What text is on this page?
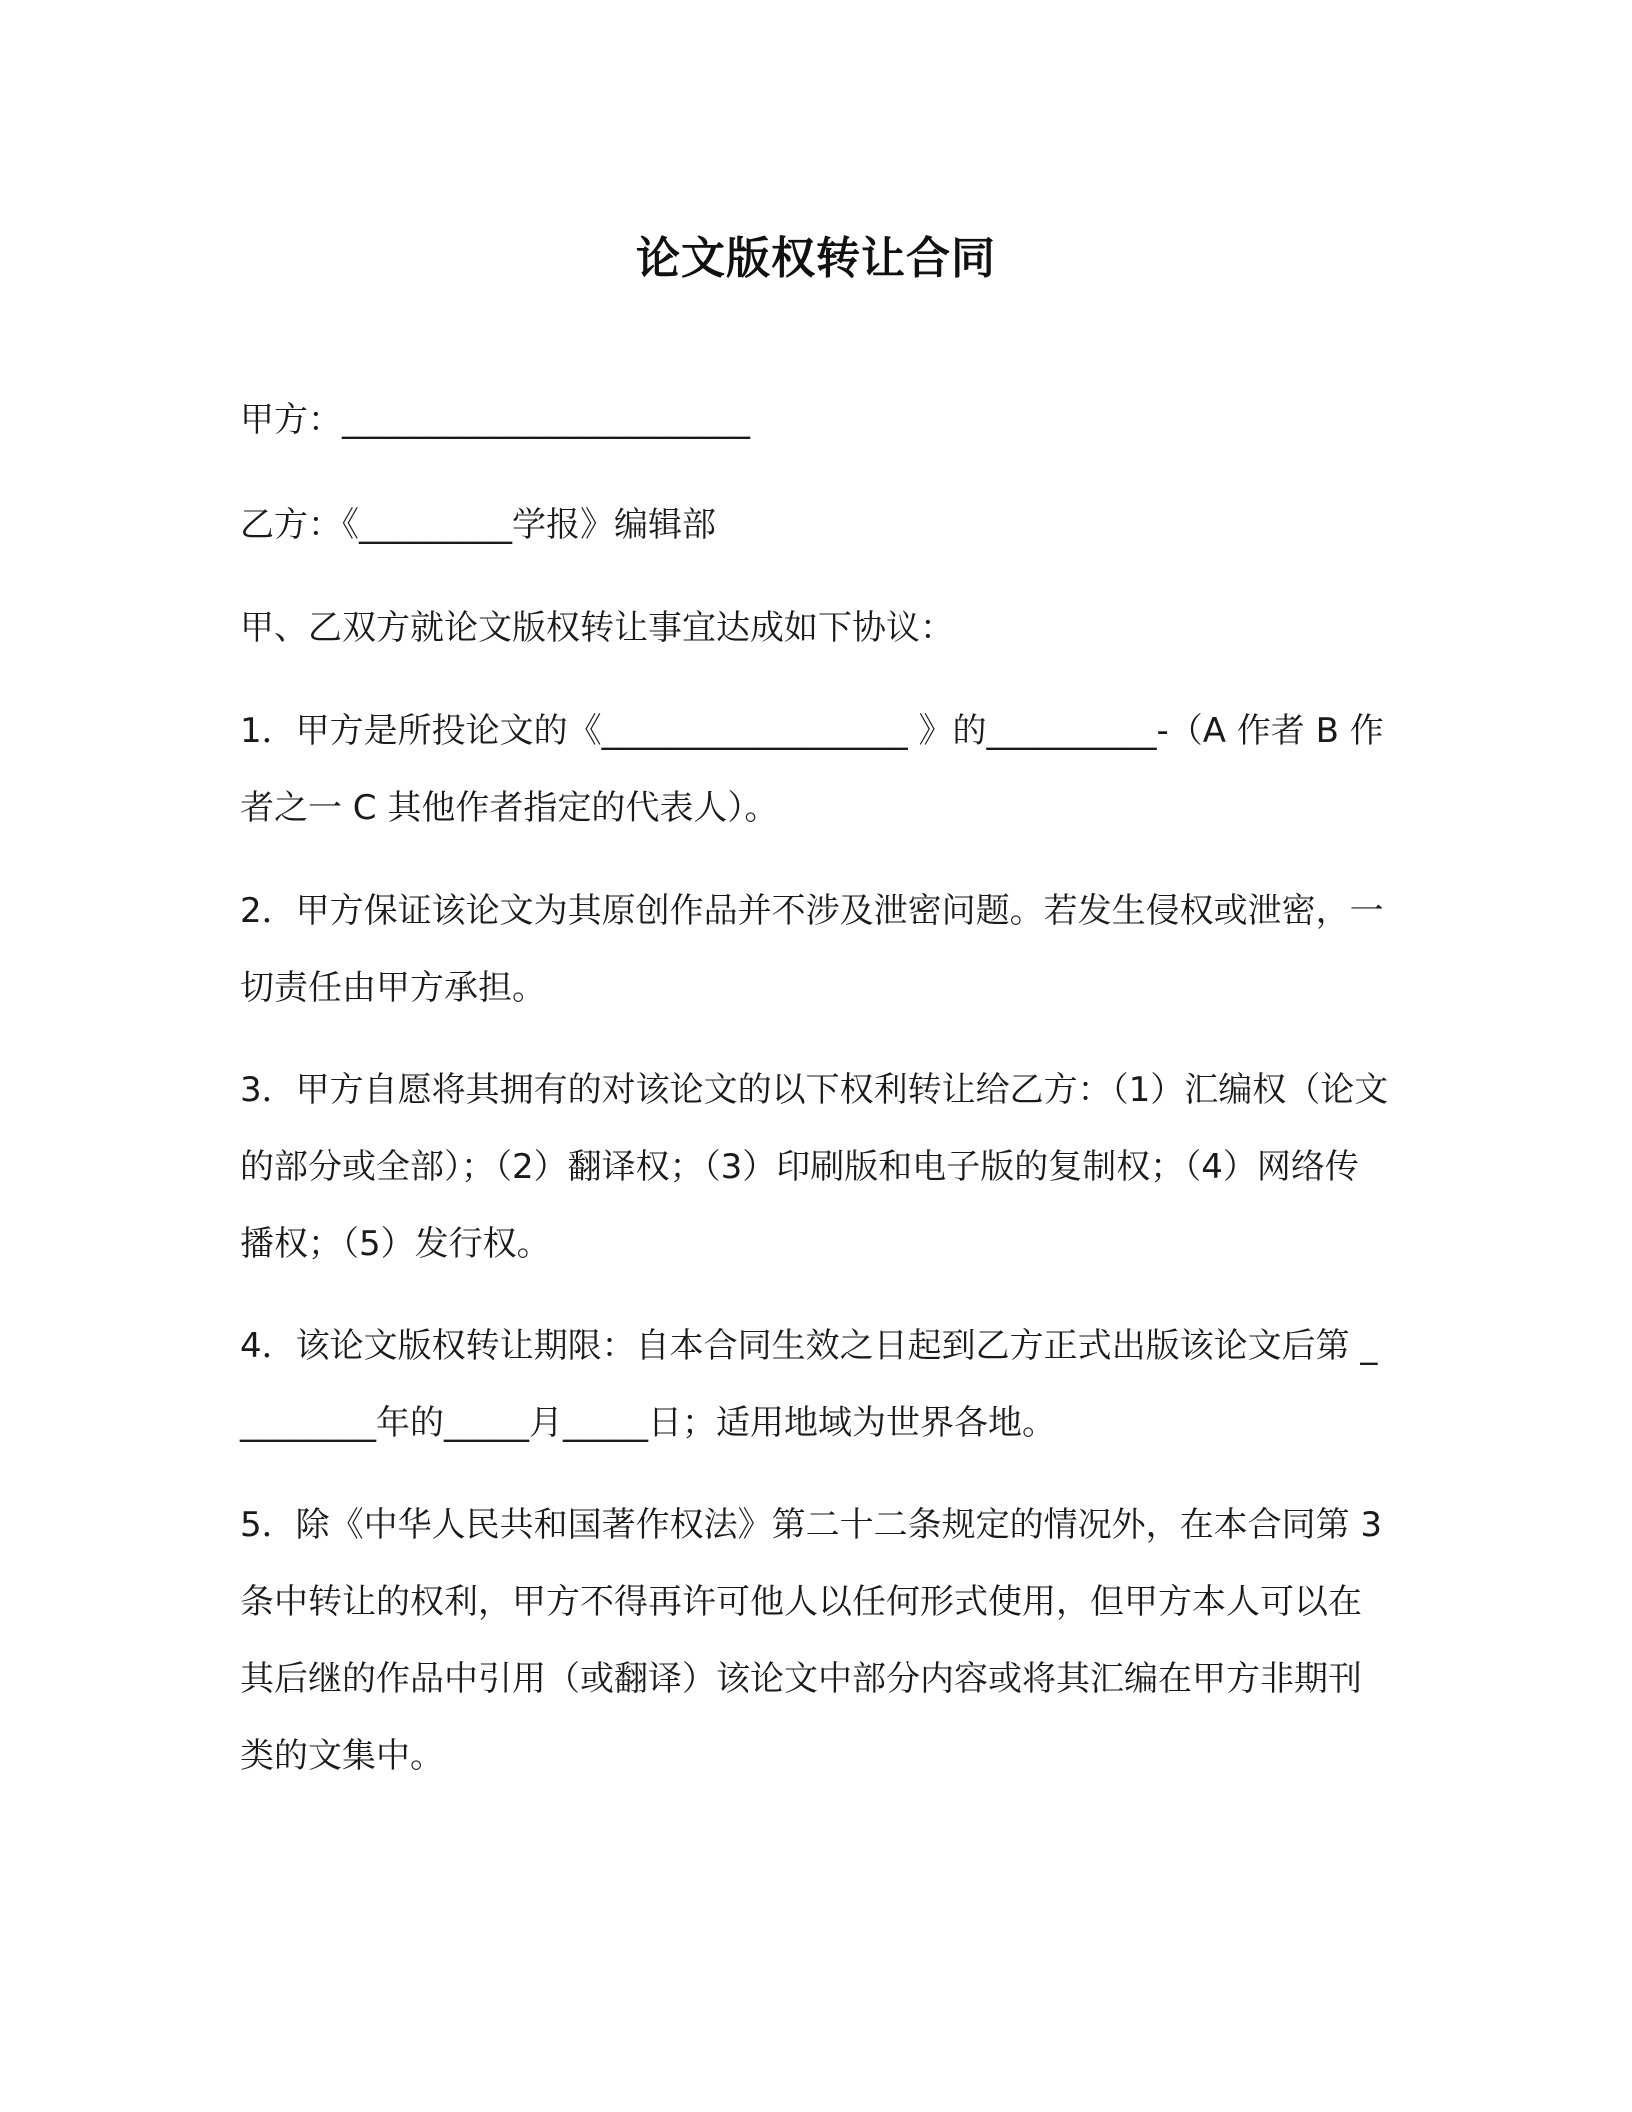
论文版权转让合同
甲方：________________________
乙方：《_________学报》编辑部
甲、乙双方就论文版权转让事宜达成如下协议：
1．甲方是所投论文的《__________________ 》的__________-（A 作者 B 作者之一 C 其他作者指定的代表人）。
2．甲方保证该论文为其原创作品并不涉及泄密问题。若发生侵权或泄密，一切责任由甲方承担。
3．甲方自愿将其拥有的对该论文的以下权利转让给乙方：（1）汇编权（论文的部分或全部）；（2）翻译权；（3）印刷版和电子版的复制权；（4）网络传播权；（5）发行权。
4．该论文版权转让期限：自本合同生效之日起到乙方正式出版该论文后第 _________年的_____月_____日；适用地域为世界各地。
5．除《中华人民共和国著作权法》第二十二条规定的情况外，在本合同第 3 条中转让的权利，甲方不得再许可他人以任何形式使用，但甲方本人可以在其后继的作品中引用（或翻译）该论文中部分内容或将其汇编在甲方非期刊类的文集中。
